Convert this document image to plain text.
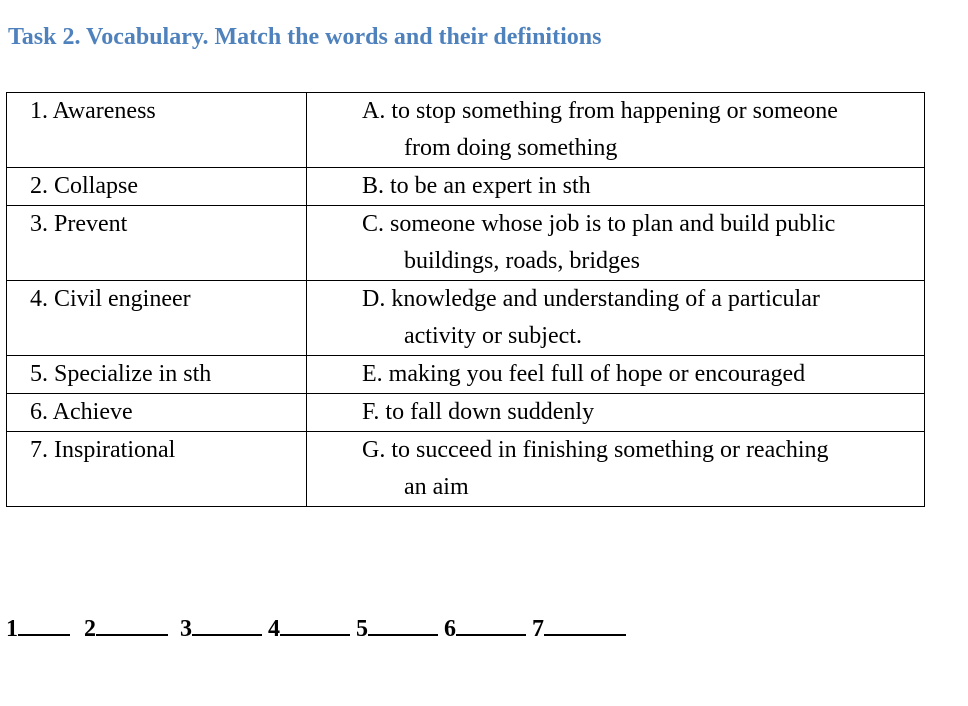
Task 2. Vocabulary. Match the words and their definitions
1. Awareness	A. to stop something from happening or someone
from doing something

2. Collapse	B. to be an expert in sth
3. Prevent	C. someone whose job is to plan and build public
buildings, roads, bridges

4. Civil engineer	D. knowledge and understanding of a particular
activity or subject.

5. Specialize in sth	E. making you feel full of hope or encouraged
6. Achieve	F. to fall down suddenly
7. Inspirational	G. to succeed in finishing something or reaching
an aim
1	2	3	4	5	6	7
